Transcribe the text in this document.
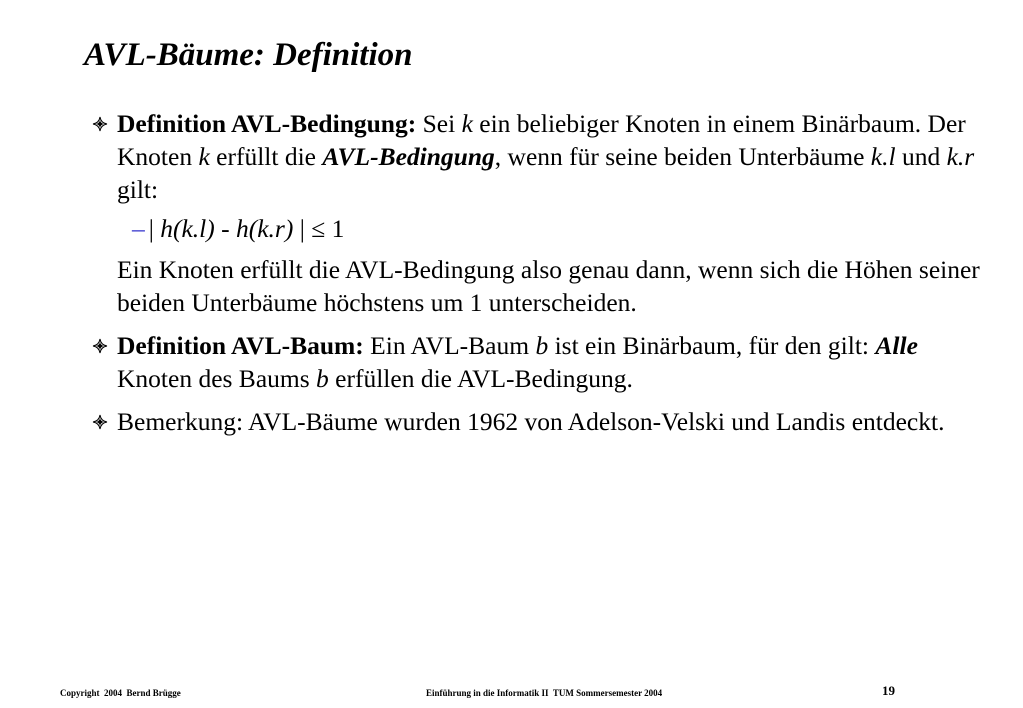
AVL-Bäume: Definition
Definition AVL-Bedingung: Sei k ein beliebiger Knoten in einem Binärbaum. Der Knoten k erfüllt die AVL-Bedingung, wenn für seine beiden Unterbäume k.l und k.r gilt:
– | h(k.l) - h(k.r) | ≤ 1
Ein Knoten erfüllt die AVL-Bedingung also genau dann, wenn sich die Höhen seiner beiden Unterbäume höchstens um 1 unterscheiden.
Definition AVL-Baum: Ein AVL-Baum b ist ein Binärbaum, für den gilt: Alle Knoten des Baums b erfüllen die AVL-Bedingung.
Bemerkung: AVL-Bäume wurden 1962 von Adelson-Velski und Landis entdeckt.
Copyright  2004  Bernd Brügge	Einführung in die Informatik II  TUM Sommersemester 2004	19
